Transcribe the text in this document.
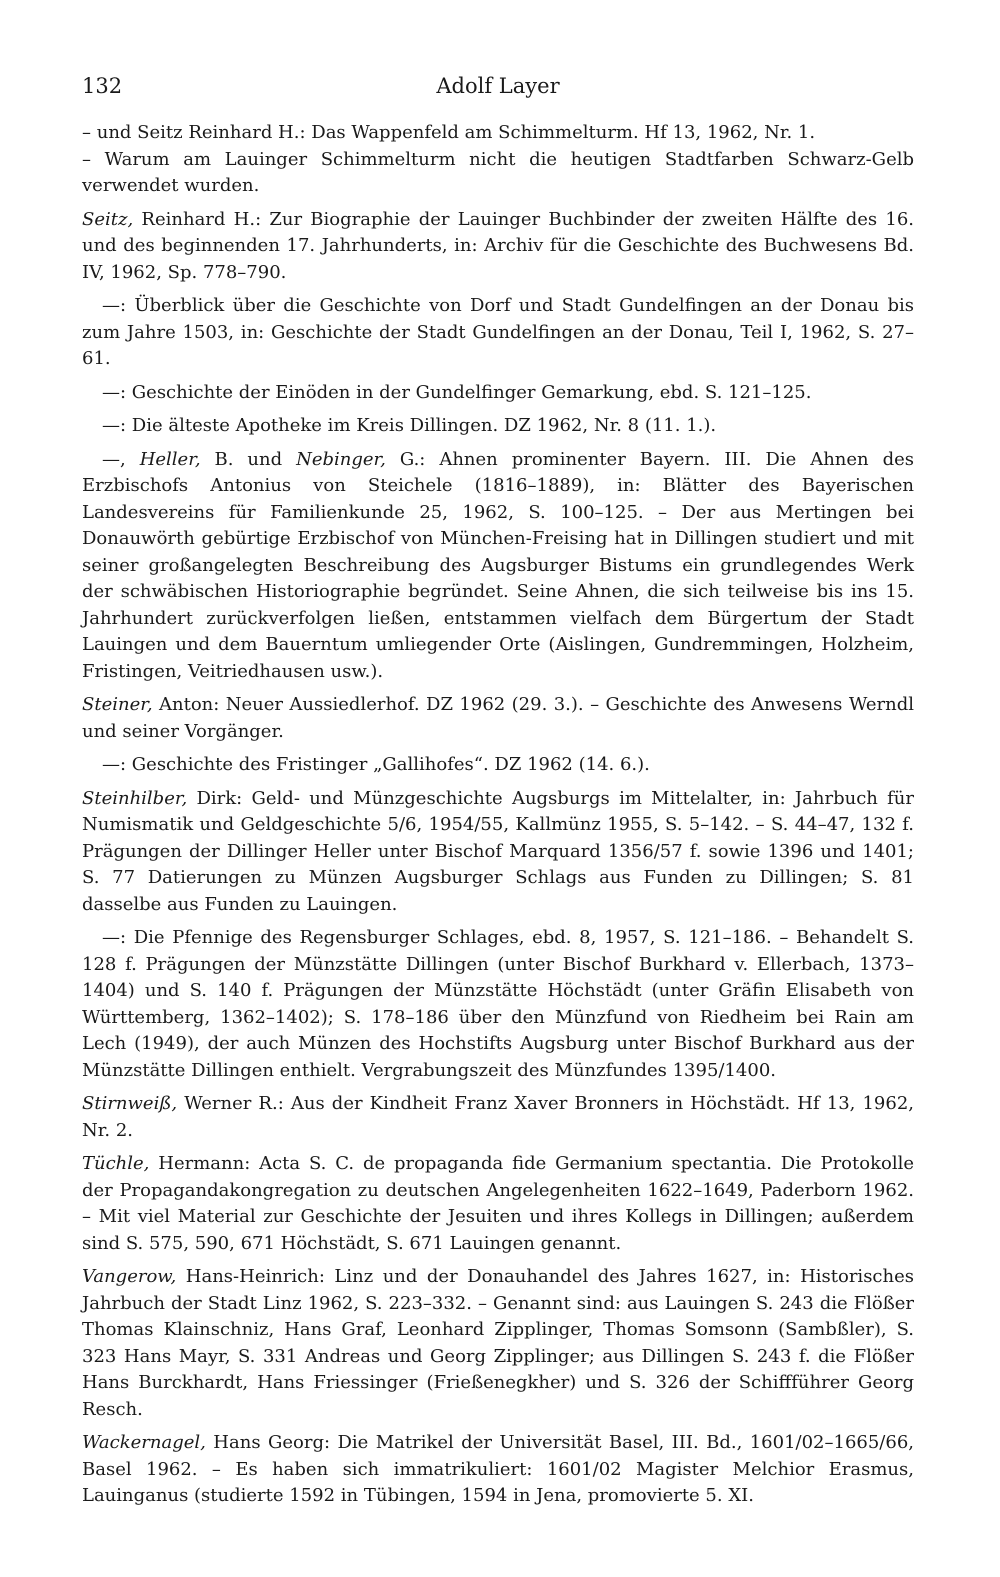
132	Adolf Layer

– und Seitz Reinhard H.: Das Wappenfeld am Schimmelturm. Hf 13, 1962, Nr. 1.

– Warum am Lauinger Schimmelturm nicht die heutigen Stadtfarben Schwarz-Gelb verwendet wurden.

Seitz, Reinhard H.: Zur Biographie der Lauinger Buchbinder der zweiten Hälfte des 16. und des beginnenden 17. Jahrhunderts, in: Archiv für die Geschichte des Buchwesens Bd. IV, 1962, Sp. 778–790.

—: Überblick über die Geschichte von Dorf und Stadt Gundelfingen an der Donau bis zum Jahre 1503, in: Geschichte der Stadt Gundelfingen an der Donau, Teil I, 1962, S. 27–61.

—: Geschichte der Einöden in der Gundelfinger Gemarkung, ebd. S. 121–125.

—: Die älteste Apotheke im Kreis Dillingen. DZ 1962, Nr. 8 (11. 1.).

—, Heller, B. und Nebinger, G.: Ahnen prominenter Bayern. III. Die Ahnen des Erzbischofs Antonius von Steichele (1816–1889), in: Blätter des Bayerischen Landesvereins für Familienkunde 25, 1962, S. 100–125. – Der aus Mertingen bei Donauwörth gebürtige Erzbischof von München-Freising hat in Dillingen studiert und mit seiner großangelegten Beschreibung des Augsburger Bistums ein grundlegendes Werk der schwäbischen Historiographie begründet. Seine Ahnen, die sich teilweise bis ins 15. Jahrhundert zurückverfolgen ließen, entstammen vielfach dem Bürgertum der Stadt Lauingen und dem Bauerntum umliegender Orte (Aislingen, Gundremmingen, Holzheim, Fristingen, Veitriedhausen usw.).

Steiner, Anton: Neuer Aussiedlerhof. DZ 1962 (29. 3.). – Geschichte des Anwesens Werndl und seiner Vorgänger.

—: Geschichte des Fristinger „Gallihofes“. DZ 1962 (14. 6.).

Steinhilber, Dirk: Geld- und Münzgeschichte Augsburgs im Mittelalter, in: Jahrbuch für Numismatik und Geldgeschichte 5/6, 1954/55, Kallmünz 1955, S. 5–142. – S. 44–47, 132 f. Prägungen der Dillinger Heller unter Bischof Marquard 1356/57 f. sowie 1396 und 1401; S. 77 Datierungen zu Münzen Augsburger Schlags aus Funden zu Dillingen; S. 81 dasselbe aus Funden zu Lauingen.

—: Die Pfennige des Regensburger Schlages, ebd. 8, 1957, S. 121–186. – Behandelt S. 128 f. Prägungen der Münzstätte Dillingen (unter Bischof Burkhard v. Ellerbach, 1373–1404) und S. 140 f. Prägungen der Münzstätte Höchstädt (unter Gräfin Elisabeth von Württemberg, 1362–1402); S. 178–186 über den Münzfund von Riedheim bei Rain am Lech (1949), der auch Münzen des Hochstifts Augsburg unter Bischof Burkhard aus der Münzstätte Dillingen enthielt. Vergrabungszeit des Münzfundes 1395/1400.

Stirnweiß, Werner R.: Aus der Kindheit Franz Xaver Bronners in Höchstädt. Hf 13, 1962, Nr. 2.

Tüchle, Hermann: Acta S. C. de propaganda fide Germanium spectantia. Die Protokolle der Propagandakongregation zu deutschen Angelegenheiten 1622–1649, Paderborn 1962. – Mit viel Material zur Geschichte der Jesuiten und ihres Kollegs in Dillingen; außerdem sind S. 575, 590, 671 Höchstädt, S. 671 Lauingen genannt.

Vangerow, Hans-Heinrich: Linz und der Donauhandel des Jahres 1627, in: Historisches Jahrbuch der Stadt Linz 1962, S. 223–332. – Genannt sind: aus Lauingen S. 243 die Flößer Thomas Klainschniz, Hans Graf, Leonhard Zipplinger, Thomas Somsonn (Sambßler), S. 323 Hans Mayr, S. 331 Andreas und Georg Zipplinger; aus Dillingen S. 243 f. die Flößer Hans Burckhardt, Hans Friessinger (Frießenegkher) und S. 326 der Schiffführer Georg Resch.

Wackernagel, Hans Georg: Die Matrikel der Universität Basel, III. Bd., 1601/02–1665/66, Basel 1962. – Es haben sich immatrikuliert: 1601/02 Magister Melchior Erasmus, Lauinganus (studierte 1592 in Tübingen, 1594 in Jena, promovierte 5. XI.
